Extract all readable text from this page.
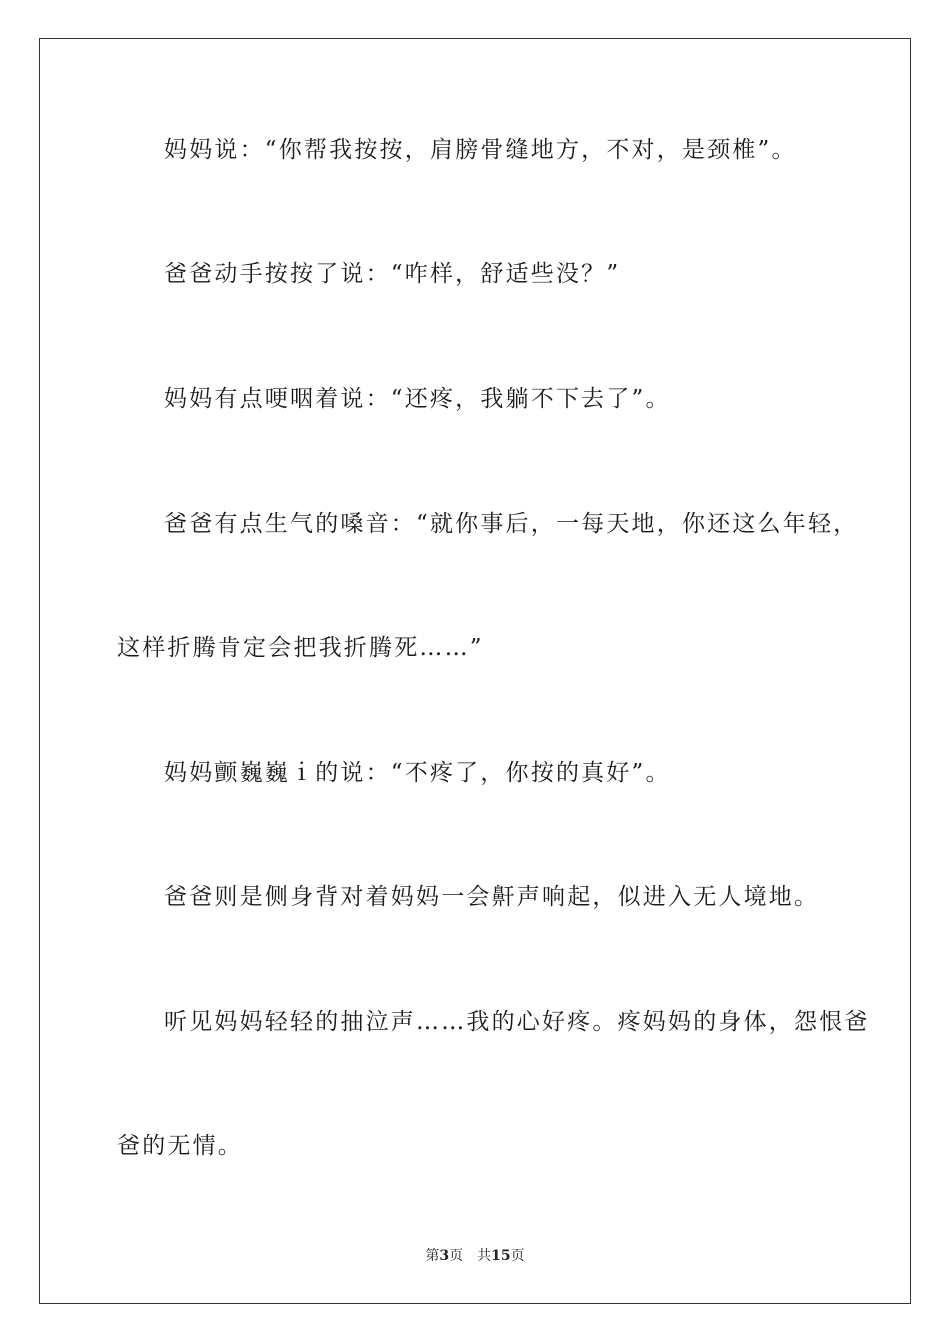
妈妈说：“你帮我按按，肩膀骨缝地方，不对，是颈椎”。

爸爸动手按按了说：“咋样，舒适些没？”

妈妈有点哽咽着说：“还疼，我躺不下去了”。

爸爸有点生气的嗓音：“就你事后，一每天地，你还这么年轻，

这样折腾肯定会把我折腾死……”

妈妈颤巍巍ｉ的说：“不疼了，你按的真好”。

爸爸则是侧身背对着妈妈一会鼾声响起，似进入无人境地。

听见妈妈轻轻的抽泣声……我的心好疼。疼妈妈的身体，怨恨爸

爸的无情。

第3页 共15页
